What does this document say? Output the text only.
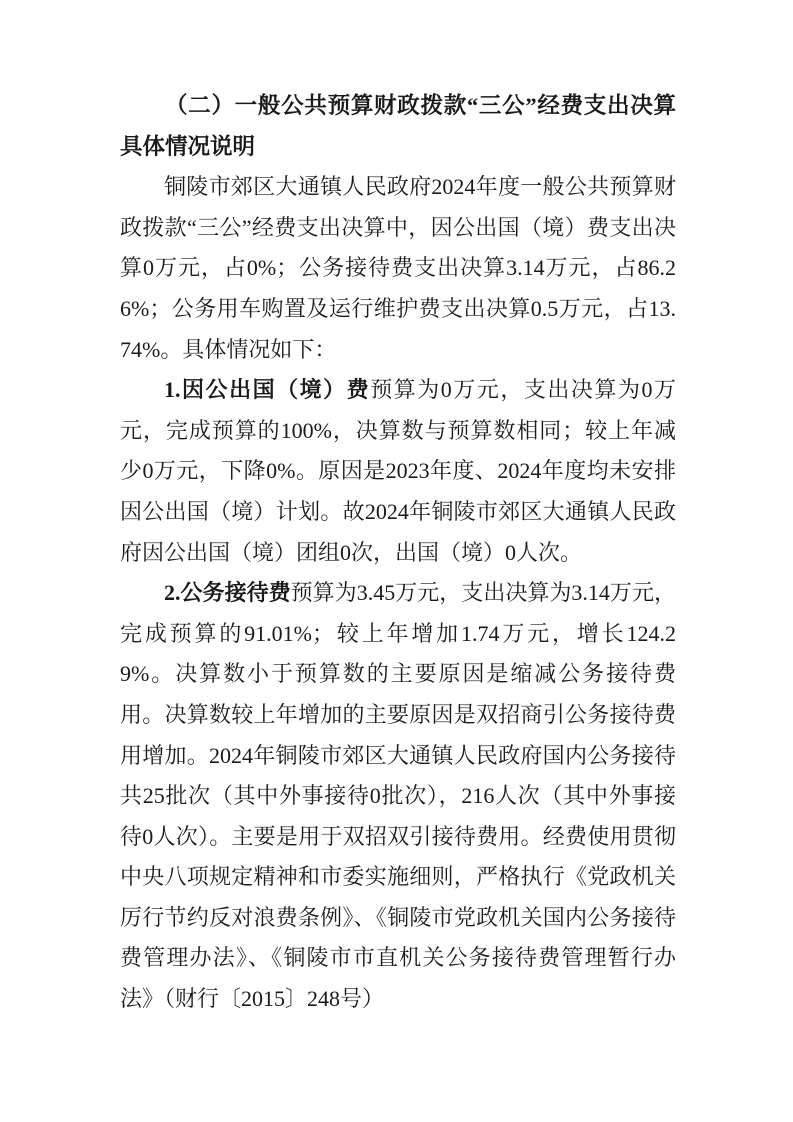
（二）一般公共预算财政拨款“三公”经费支出决算具体情况说明

铜陵市郊区大通镇人民政府2024年度一般公共预算财政拨款“三公”经费支出决算中，因公出国（境）费支出决算0万元，占0%；公务接待费支出决算3.14万元，占86.26%；公务用车购置及运行维护费支出决算0.5万元，占13.74%。具体情况如下：

1.因公出国（境）费预算为0万元，支出决算为0万元，完成预算的100%，决算数与预算数相同；较上年减少0万元，下降0%。原因是2023年度、2024年度均未安排因公出国（境）计划。故2024年铜陵市郊区大通镇人民政府因公出国（境）团组0次，出国（境）0人次。

2.公务接待费预算为3.45万元，支出决算为3.14万元，完成预算的91.01%；较上年增加1.74万元，增长124.29%。决算数小于预算数的主要原因是缩减公务接待费用。决算数较上年增加的主要原因是双招商引公务接待费用增加。2024年铜陵市郊区大通镇人民政府国内公务接待共25批次（其中外事接待0批次），216人次（其中外事接待0人次）。主要是用于双招双引接待费用。经费使用贯彻中央八项规定精神和市委实施细则，严格执行《党政机关厉行节约反对浪费条例》、《铜陵市党政机关国内公务接待费管理办法》、《铜陵市市直机关公务接待费管理暂行办法》（财行〔2015〕248号）
